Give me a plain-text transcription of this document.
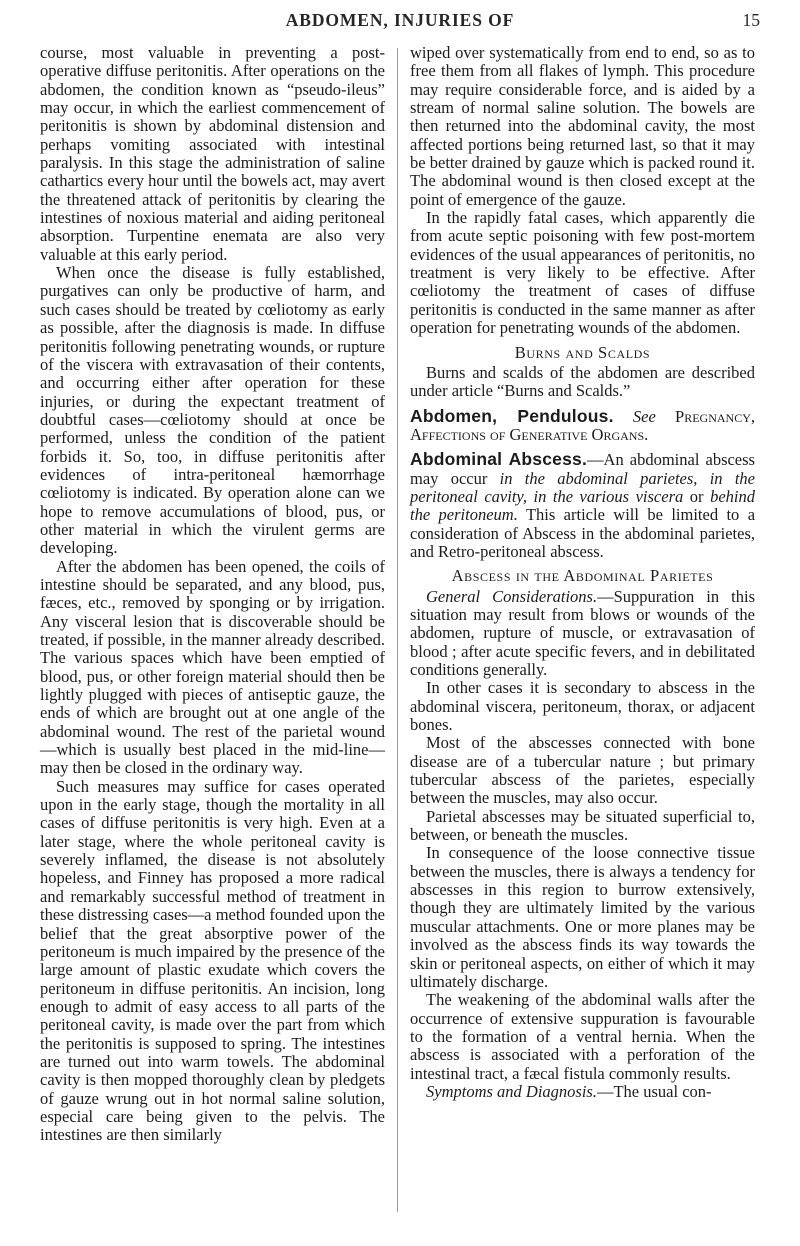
ABDOMEN, INJURIES OF	15

course, most valuable in preventing a post-operative diffuse peritonitis. After operations on the abdomen, the condition known as “pseudo-ileus” may occur, in which the earliest commencement of peritonitis is shown by abdominal distension and perhaps vomiting associated with intestinal paralysis. In this stage the administration of saline cathartics every hour until the bowels act, may avert the threatened attack of peritonitis by clearing the intestines of noxious material and aiding peritoneal absorption. Turpentine enemata are also very valuable at this early period.

When once the disease is fully established, purgatives can only be productive of harm, and such cases should be treated by cœliotomy as early as possible, after the diagnosis is made. In diffuse peritonitis following penetrating wounds, or rupture of the viscera with extravasation of their contents, and occurring either after operation for these injuries, or during the expectant treatment of doubtful cases—cœliotomy should at once be performed, unless the condition of the patient forbids it. So, too, in diffuse peritonitis after evidences of intra-peritoneal hæmorrhage cœliotomy is indicated. By operation alone can we hope to remove accumulations of blood, pus, or other material in which the virulent germs are developing.

After the abdomen has been opened, the coils of intestine should be separated, and any blood, pus, fæces, etc., removed by sponging or by irrigation. Any visceral lesion that is discoverable should be treated, if possible, in the manner already described. The various spaces which have been emptied of blood, pus, or other foreign material should then be lightly plugged with pieces of antiseptic gauze, the ends of which are brought out at one angle of the abdominal wound. The rest of the parietal wound —which is usually best placed in the mid-line—may then be closed in the ordinary way.

Such measures may suffice for cases operated upon in the early stage, though the mortality in all cases of diffuse peritonitis is very high. Even at a later stage, where the whole peritoneal cavity is severely inflamed, the disease is not absolutely hopeless, and Finney has proposed a more radical and remarkably successful method of treatment in these distressing cases—a method founded upon the belief that the great absorptive power of the peritoneum is much impaired by the presence of the large amount of plastic exudate which covers the peritoneum in diffuse peritonitis. An incision, long enough to admit of easy access to all parts of the peritoneal cavity, is made over the part from which the peritonitis is supposed to spring. The intestines are turned out into warm towels. The abdominal cavity is then mopped thoroughly clean by pledgets of gauze wrung out in hot normal saline solution, especial care being given to the pelvis. The intestines are then similarly

wiped over systematically from end to end, so as to free them from all flakes of lymph. This procedure may require considerable force, and is aided by a stream of normal saline solution. The bowels are then returned into the abdominal cavity, the most affected portions being returned last, so that it may be better drained by gauze which is packed round it. The abdominal wound is then closed except at the point of emergence of the gauze.

In the rapidly fatal cases, which apparently die from acute septic poisoning with few post-mortem evidences of the usual appearances of peritonitis, no treatment is very likely to be effective. After cœliotomy the treatment of cases of diffuse peritonitis is conducted in the same manner as after operation for penetrating wounds of the abdomen.

Burns and Scalds

Burns and scalds of the abdomen are described under article “Burns and Scalds.”

Abdomen, Pendulous. See Pregnancy, Affections of Generative Organs.

Abdominal Abscess.—An abdominal abscess may occur in the abdominal parietes, in the peritoneal cavity, in the various viscera or behind the peritoneum. This article will be limited to a consideration of Abscess in the abdominal parietes, and Retro-peritoneal abscess.

Abscess in the Abdominal Parietes

General Considerations.—Suppuration in this situation may result from blows or wounds of the abdomen, rupture of muscle, or extravasation of blood ; after acute specific fevers, and in debilitated conditions generally.

In other cases it is secondary to abscess in the abdominal viscera, peritoneum, thorax, or adjacent bones.

Most of the abscesses connected with bone disease are of a tubercular nature ; but primary tubercular abscess of the parietes, especially between the muscles, may also occur.

Parietal abscesses may be situated superficial to, between, or beneath the muscles.

In consequence of the loose connective tissue between the muscles, there is always a tendency for abscesses in this region to burrow extensively, though they are ultimately limited by the various muscular attachments. One or more planes may be involved as the abscess finds its way towards the skin or peritoneal aspects, on either of which it may ultimately discharge.

The weakening of the abdominal walls after the occurrence of extensive suppuration is favourable to the formation of a ventral hernia. When the abscess is associated with a perforation of the intestinal tract, a fæcal fistula commonly results.

Symptoms and Diagnosis.—The usual con-
